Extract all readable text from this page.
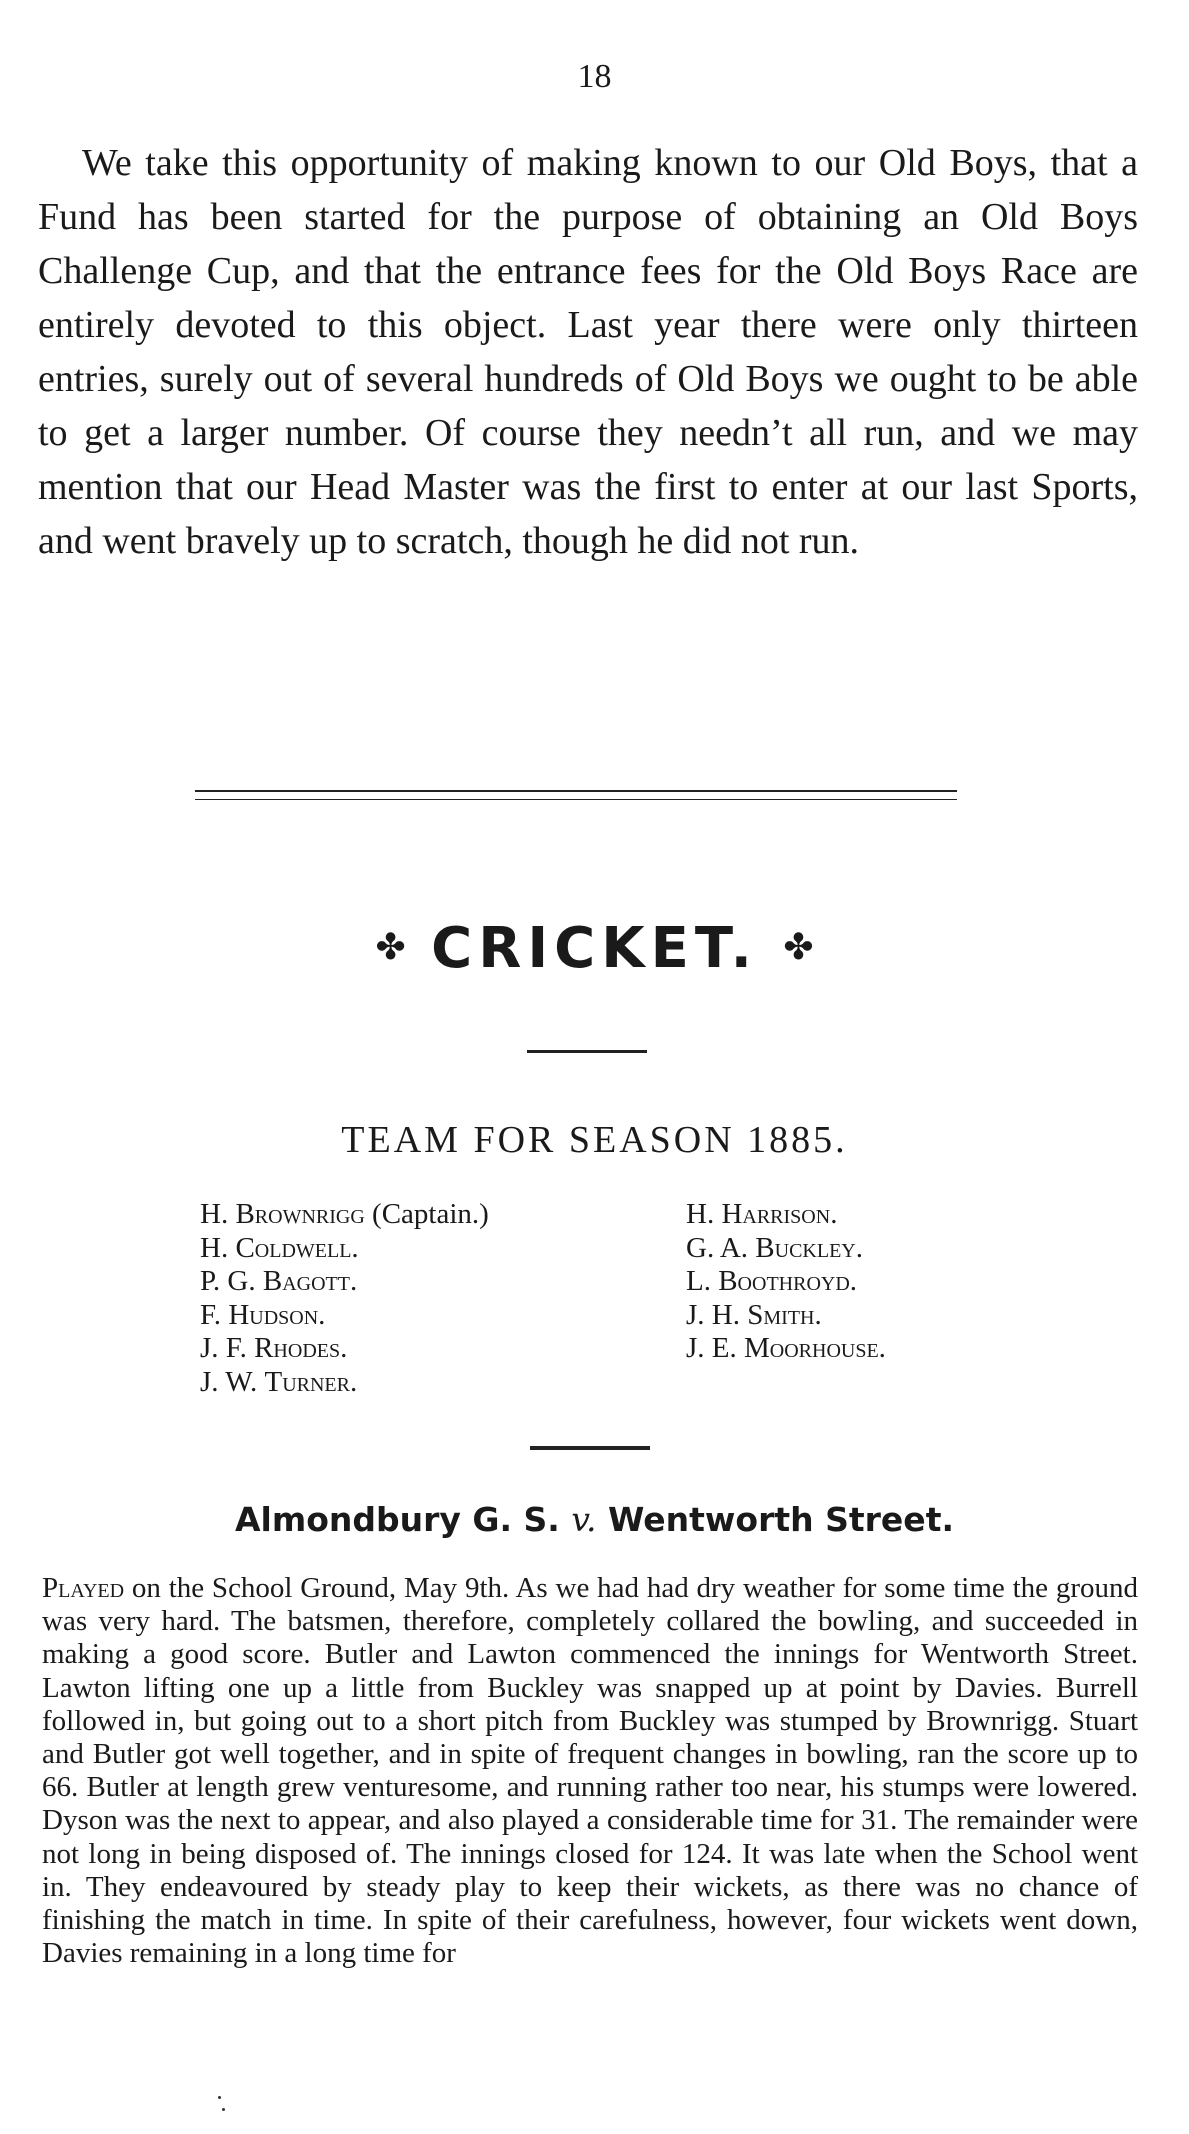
18

We take this opportunity of making known to our Old Boys, that a Fund has been started for the purpose of obtaining an Old Boys Challenge Cup, and that the entrance fees for the Old Boys Race are entirely devoted to this object. Last year there were only thirteen entries, surely out of several hundreds of Old Boys we ought to be able to get a larger number. Of course they needn’t all run, and we may mention that our Head Master was the first to enter at our last Sports, and went bravely up to scratch, though he did not run.

✤ CRICKET. ✤
TEAM FOR SEASON 1885.
H. Brownrigg (Captain.)
H. Coldwell.
P. G. Bagott.
F. Hudson.
J. F. Rhodes.
J. W. Turner.
H. Harrison.
G. A. Buckley.
L. Boothroyd.
J. H. Smith.
J. E. Moorhouse.
Almondbury G. S. v. Wentworth Street.

Played on the School Ground, May 9th. As we had had dry weather for some time the ground was very hard. The batsmen, therefore, completely collared the bowling, and succeeded in making a good score. Butler and Lawton commenced the innings for Wentworth Street. Lawton lifting one up a little from Buckley was snapped up at point by Davies. Burrell followed in, but going out to a short pitch from Buckley was stumped by Brownrigg. Stuart and Butler got well together, and in spite of frequent changes in bowling, ran the score up to 66. Butler at length grew venturesome, and running rather too near, his stumps were lowered. Dyson was the next to appear, and also played a considerable time for 31. The remainder were not long in being disposed of. The innings closed for 124. It was late when the School went in. They endeavoured by steady play to keep their wickets, as there was no chance of finishing the match in time. In spite of their carefulness, however, four wickets went down, Davies remaining in a long time for
